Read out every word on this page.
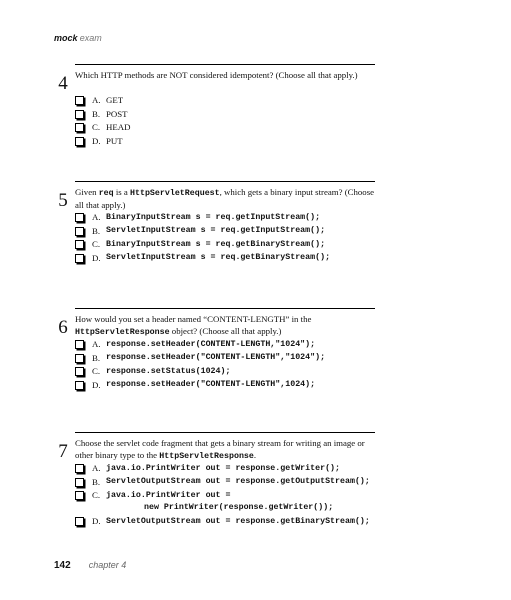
mock exam
4 Which HTTP methods are NOT considered idempotent? (Choose all that apply.)
A. GET
B. POST
C. HEAD
D. PUT
5 Given req is a HttpServletRequest, which gets a binary input stream? (Choose all that apply.)
A. BinaryInputStream s = req.getInputStream();
B. ServletInputStream s = req.getInputStream();
C. BinaryInputStream s = req.getBinaryStream();
D. ServletInputStream s = req.getBinaryStream();
6 How would you set a header named “CONTENT-LENGTH” in the HttpServletResponse object? (Choose all that apply.)
A. response.setHeader(CONTENT-LENGTH,"1024");
B. response.setHeader("CONTENT-LENGTH","1024");
C. response.setStatus(1024);
D. response.setHeader("CONTENT-LENGTH",1024);
7 Choose the servlet code fragment that gets a binary stream for writing an image or other binary type to the HttpServletResponse.
A. java.io.PrintWriter out = response.getWriter();
B. ServletOutputStream out = response.getOutputStream();
C. java.io.PrintWriter out =
new PrintWriter(response.getWriter());
D. ServletOutputStream out = response.getBinaryStream();
142 chapter 4
